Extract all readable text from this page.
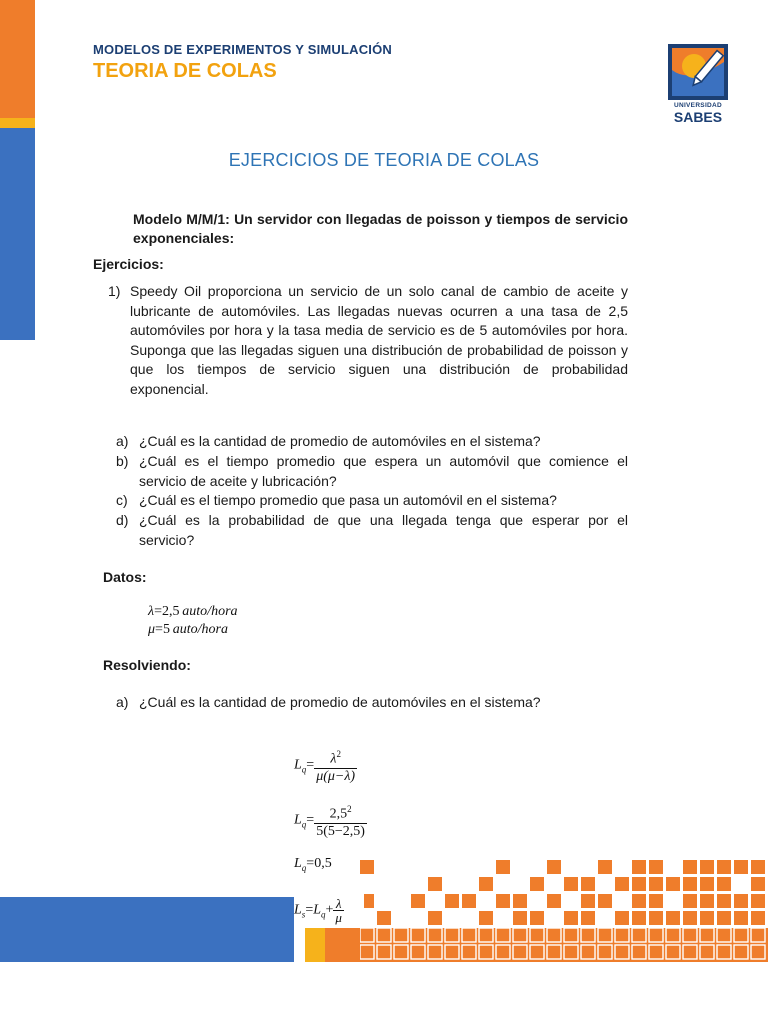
MODELOS DE EXPERIMENTOS Y SIMULACIÓN
TEORIA DE COLAS
UNIVERSIDAD
SABES
EJERCICIOS DE TEORIA DE COLAS
Modelo M/M/1: Un servidor con llegadas de poisson y tiempos de servicio exponenciales:
Ejercicios:
1) Speedy Oil proporciona un servicio de un solo canal de cambio de aceite y lubricante de automóviles. Las llegadas nuevas ocurren a una tasa de 2,5 automóviles por hora y la tasa media de servicio es de 5 automóviles por hora. Suponga que las llegadas siguen una distribución de probabilidad de poisson y que los tiempos de servicio siguen una distribución de probabilidad exponencial.
a) ¿Cuál es la cantidad de promedio de automóviles en el sistema?
b) ¿Cuál es el tiempo promedio que espera un automóvil que comience el servicio de aceite y lubricación?
c) ¿Cuál es el tiempo promedio que pasa un automóvil en el sistema?
d) ¿Cuál es la probabilidad de que una llegada tenga que esperar por el servicio?
Datos:
λ=2,5  auto/hora
μ=5  auto/hora
Resolviendo:
a) ¿Cuál es la cantidad de promedio de automóviles en el sistema?
$L_q= \frac{\lambda^2}{\mu(\mu-\lambda)}$
$L_q= \frac{2,5^2}{5(5-2,5)}$
$L_q=0,5$
$L_s=L_q+ \frac{\lambda}{\mu}$
